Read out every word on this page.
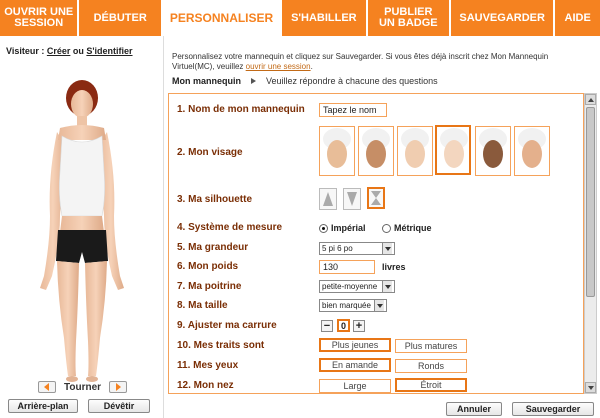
OUVRIR UNE SESSION	DÉBUTER PERSONNALISER S'HABILLER	PUBLIER UN BADGE SAUVEGARDER AIDE
Visiteur : Créer ou S'identifier
Tourner
Arrière-plan	Dévêtir
Personnalisez votre mannequin et cliquez sur Sauvegarder. Si vous êtes déjà inscrit chez Mon Mannequin Virtuel(MC), veuillez ouvrir une session.
Mon mannequin	Veuillez répondre à chacune des questions
1. Nom de mon mannequin	Tapez le nom
2. Mon visage
3. Ma silhouette
4. Système de mesure	Impérial	Métrique
5. Ma grandeur	5 pi 6 po
6. Mon poids	130	livres
7. Ma poitrine	petite-moyenne
8. Ma taille	bien marquée
9. Ajuster ma carrure	−	0 +
10. Mes traits sont	Plus jeunes	Plus matures
11. Mes yeux	En amande	Ronds
12. Mon nez	Large	Étroit
Annuler	Sauvegarder
